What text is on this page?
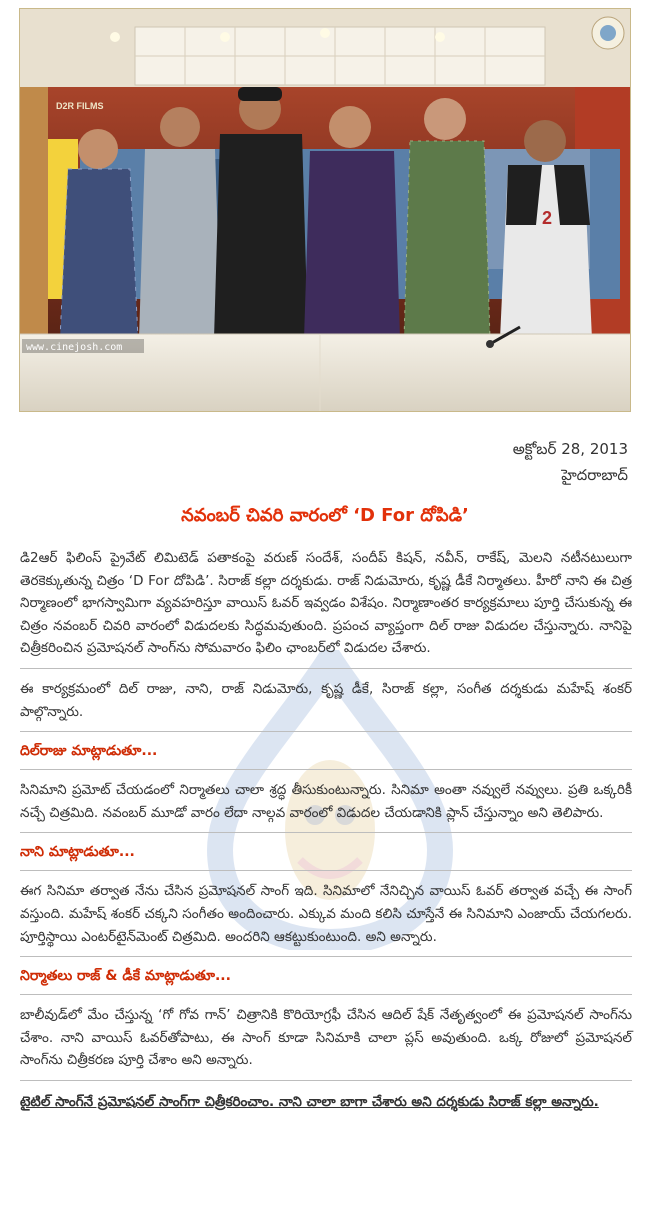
2
D2R FILMS
www.cinejosh.com
అక్టోబర్ 28, 2013
హైదరాబాద్
నవంబర్ చివరి వారంలో ‘D For దోపిడి’

డి2ఆర్ ఫిలింస్ ప్రైవేట్ లిమిటెడ్ పతాకంపై వరుణ్ సందేశ్, సందీప్ కిషన్, నవీన్, రాకేష్, మెలని నటీనటులుగా తెరకెక్కుతున్న చిత్రం ‘D For దోపిడి’. సిరాజ్ కల్లా దర్శకుడు. రాజ్ నిడుమోరు, కృష్ణ డీకే నిర్మాతలు. హీరో నాని ఈ చిత్ర నిర్మాణంలో భాగస్వామిగా వ్యవహరిస్తూ వాయిస్ ఓవర్ ఇవ్వడం విశేషం. నిర్మాణాంతర కార్యక్రమాలు పూర్తి చేసుకున్న ఈ చిత్రం నవంబర్ చివరి వారంలో విడుదలకు సిద్ధమవుతుంది. ప్రపంచ వ్యాప్తంగా దిల్ రాజు విడుదల చేస్తున్నారు. నానిపై చిత్రీకరించిన ప్రమోషనల్ సాంగ్‌ను సోమవారం ఫిలిం ఛాంబర్‌లో విడుదల చేశారు.

ఈ కార్యక్రమంలో దిల్ రాజు, నాని, రాజ్ నిడుమోరు, కృష్ణ డీకే, సిరాజ్ కల్లా, సంగీత దర్శకుడు మహేష్ శంకర్ పాల్గొన్నారు.

దిల్‌రాజు మాట్లాడుతూ...

సినిమాని ప్రమోట్ చేయడంలో నిర్మాతలు చాలా శ్రద్ధ తీసుకుంటున్నారు. సినిమా అంతా నవ్వులే నవ్వులు. ప్రతి ఒక్కరికీ నచ్చే చిత్రమిది. నవంబర్ మూడో వారం లేదా నాల్గవ వారంలో విడుదల చేయడానికి ప్లాన్ చేస్తున్నాం అని తెలిపారు.

నాని మాట్లాడుతూ...

ఈగ సినిమా తర్వాత నేను చేసిన ప్రమోషనల్ సాంగ్ ఇది. సినిమాలో నేనిచ్చిన వాయిస్ ఓవర్ తర్వాత వచ్చే ఈ సాంగ్ వస్తుంది. మహేష్ శంకర్ చక్కని సంగీతం అందించారు. ఎక్కువ మంది కలిసి చూస్తేనే ఈ సినిమాని ఎంజాయ్ చేయగలరు. పూర్తిస్థాయి ఎంటర్‌టైన్‌మెంట్ చిత్రమిది. అందరిని ఆకట్టుకుంటుంది. అని అన్నారు.

నిర్మాతలు రాజ్ & డీకే మాట్లాడుతూ...

బాలీవుడ్‌లో మేం చేస్తున్న ‘గో గోవ గాన్’ చిత్రానికి కొరియోగ్రఫీ చేసిన ఆదిల్ షేక్ నేతృత్వంలో ఈ ప్రమోషనల్ సాంగ్‌ను చేశాం. నాని వాయిస్ ఓవర్‌తోపాటు, ఈ సాంగ్ కూడా సినిమాకి చాలా ప్లస్ అవుతుంది. ఒక్క రోజులో ప్రమోషనల్ సాంగ్‌ను చిత్రీకరణ పూర్తి చేశాం అని అన్నారు.

టైటిల్ సాంగ్‌నే ప్రమోషనల్ సాంగ్‌గా చిత్రీకరించాం. నాని చాలా బాగా చేశారు అని దర్శకుడు సిరాజ్ కల్లా అన్నారు.
